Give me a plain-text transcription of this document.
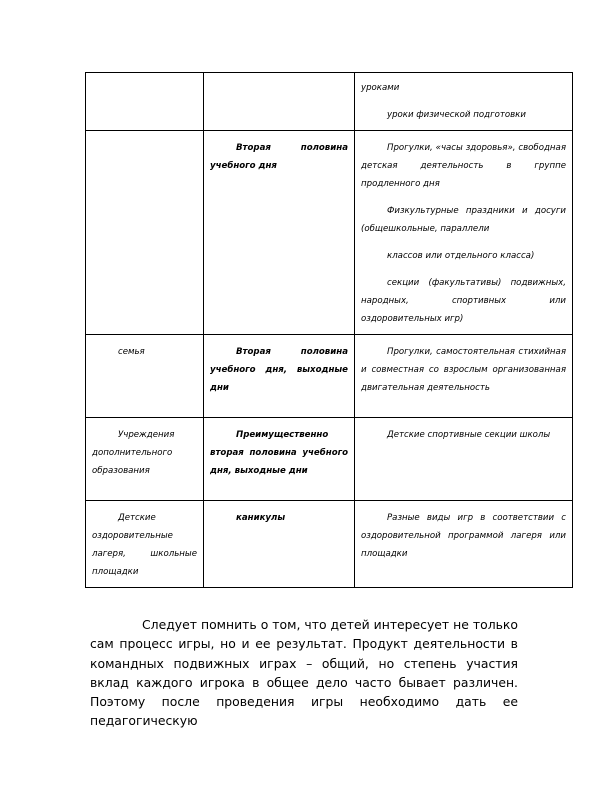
		уроками

уроки физической подготовки

	Вторая половина учебного дня	Прогулки, «часы здоровья», свободная детская деятельность в группе продленного дня

Физкультурные праздники и досуги (общешкольные, параллели

классов или отдельного класса)

секции (факультативы) подвижных, народных, спортивных или оздоровительных игр)

семья	Вторая половина учебного дня, выходные дни	Прогулки, самостоятельная стихийная и совместная со взрослым организованная двигательная деятельность

Учреждения дополнительного образования	Преимущественно вторая половина учебного дня, выходные дни	Детские спортивные секции школы

Детские оздоровительные лагеря, школьные площадки	каникулы	Разные виды игр в соответствии с оздоровительной программой лагеря или площадки

Следует помнить о том, что детей интересует не только сам процесс игры, но и ее результат. Продукт деятельности в командных подвижных играх – общий, но степень участия вклад каждого игрока в общее дело часто бывает различен. Поэтому после проведения игры необходимо дать ее педагогическую
